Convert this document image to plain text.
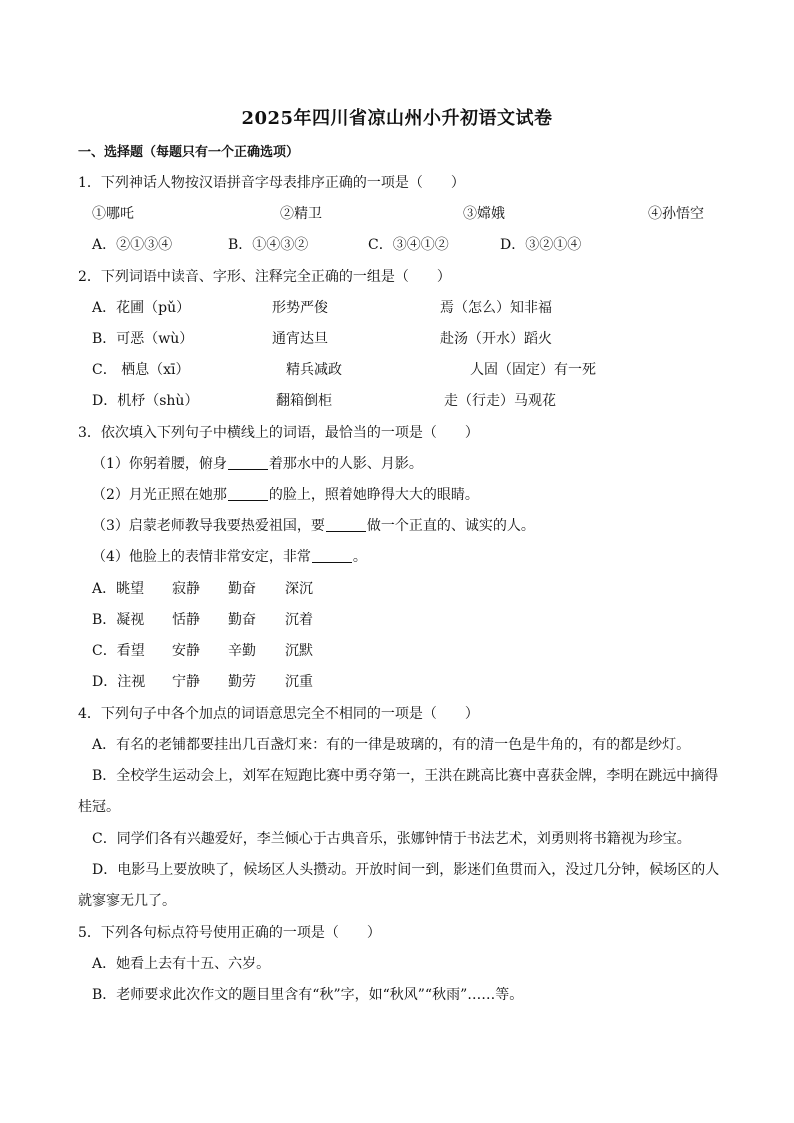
2025年四川省凉山州小升初语文试卷
一、选择题（每题只有一个正确选项）
1．下列神话人物按汉语拼音字母表排序正确的一项是（　　）
①哪吒	②精卫	③嫦娥	④孙悟空
A．②①③④	B．①④③②	C．③④①②	D．③②①④
2．下列词语中读音、字形、注释完全正确的一组是（　　）
A．花圃（pǔ）	形势严俊	焉（怎么）知非福
B．可恶（wù）	通宵达旦	赴汤（开水）蹈火
C． 栖息（xī）	精兵减政	人固（固定）有一死
D．机杼（shù）	翻箱倒柜	走（行走）马观花
3．依次填入下列句子中横线上的词语，最恰当的一项是（　　）
（1）你躬着腰，俯身	着那水中的人影、月影。
（2）月光正照在她那	的脸上，照着她睁得大大的眼睛。
（3）启蒙老师教导我要热爱祖国，要	做一个正直的、诚实的人。
（4）他脸上的表情非常安定，非常	。
A．眺望 寂静 勤奋 深沉
B．凝视 恬静 勤奋 沉着
C．看望 安静 辛勤 沉默
D．注视 宁静 勤劳 沉重
4．下列句子中各个加点的词语意思完全不相同的一项是（　　）
A．有名的老铺都要挂出几百盏灯来：有的一律是玻璃的，有的清一色是牛角的，有的都是纱灯。
B．全校学生运动会上，刘军在短跑比赛中勇夺第一，王洪在跳高比赛中喜获金牌，李明在跳远中摘得
桂冠。
C．同学们各有兴趣爱好，李兰倾心于古典音乐，张娜钟情于书法艺术，刘勇则将书籍视为珍宝。
D．电影马上要放映了，候场区人头攒动。开放时间一到，影迷们鱼贯而入，没过几分钟，候场区的人
就寥寥无几了。
5．下列各句标点符号使用正确的一项是（　　）
A．她看上去有十五、六岁。
B．老师要求此次作文的题目里含有“秋”字，如“秋风”“秋雨”……等。
